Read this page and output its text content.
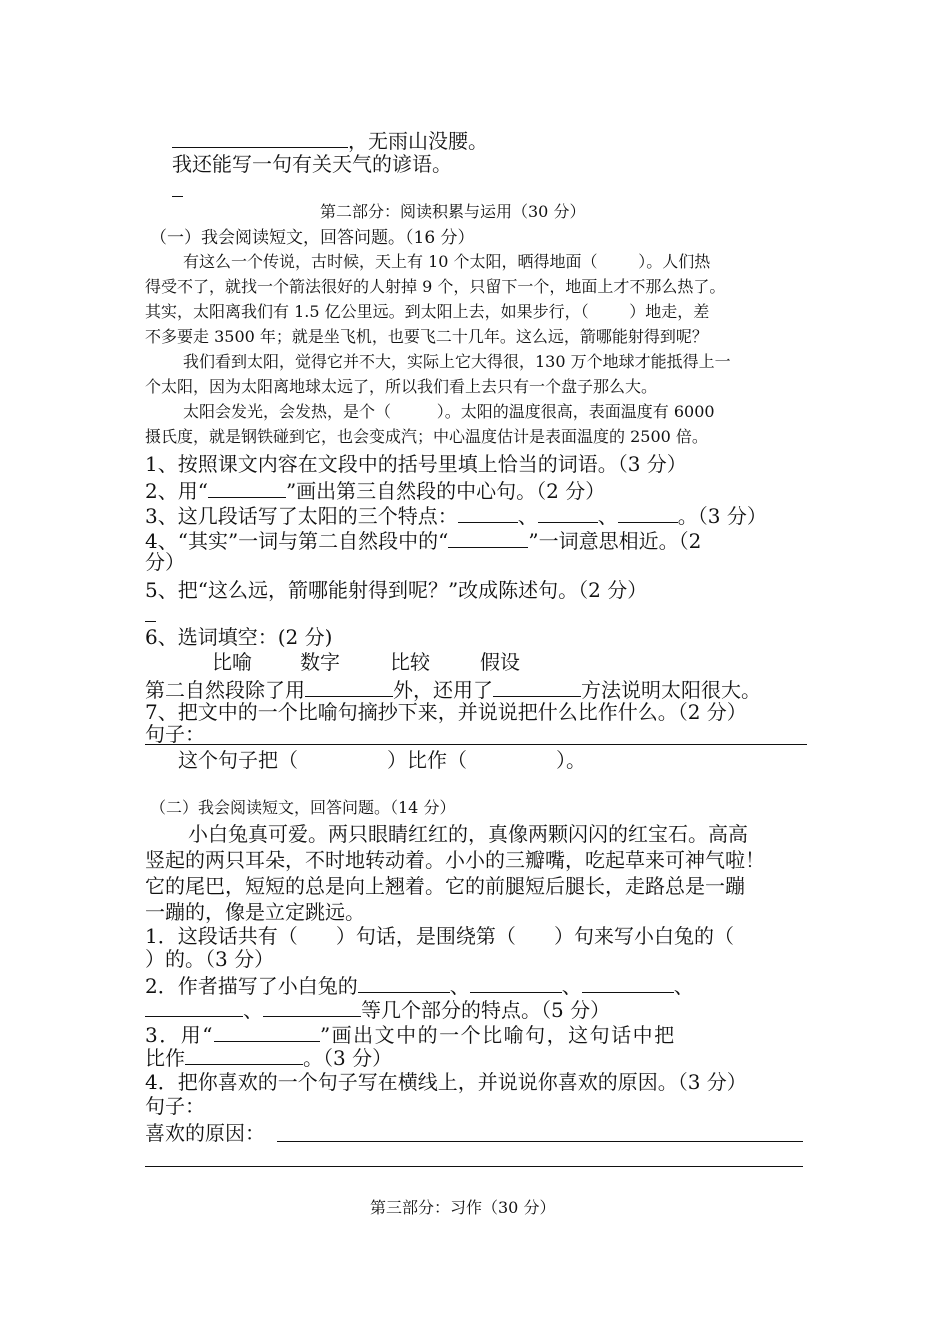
，无雨山没腰。
我还能写一句有关天气的谚语。
第二部分：阅读积累与运用（30 分）
（一）我会阅读短文，回答问题。（16 分）
有这么一个传说，古时候，天上有 10 个太阳，晒得地面（        ）。人们热
得受不了，就找一个箭法很好的人射掉 9 个，只留下一个，地面上才不那么热了。
其实，太阳离我们有 1.5 亿公里远。到太阳上去，如果步行，（        ）地走，差
不多要走 3500 年；就是坐飞机，也要飞二十几年。这么远，箭哪能射得到呢？
我们看到太阳，觉得它并不大，实际上它大得很，130 万个地球才能抵得上一
个太阳，因为太阳离地球太远了，所以我们看上去只有一个盘子那么大。
太阳会发光，会发热，是个（         ）。太阳的温度很高，表面温度有 6000
摄氏度，就是钢铁碰到它，也会变成汽；中心温度估计是表面温度的 2500 倍。
1、按照课文内容在文段中的括号里填上恰当的词语。（3 分）
2、用“	”画出第三自然段的中心句。（2 分）
3、这几段话写了太阳的三个特点：	、	、	。（3 分）
4、“其实”一词与第二自然段中的“	”一词意思相近。（2
分）
5、把“这么远，箭哪能射得到呢？”改成陈述句。（2 分）
6、选词填空：(2 分)
比喻 数字	比较	假设
第二自然段除了用	外，还用了	方法说明太阳很大。
7、把文中的一个比喻句摘抄下来，并说说把什么比作什么。（2 分）
句子：
这个句子把（              ）比作（              ）。
（二）我会阅读短文，回答问题。（14 分）
小白兔真可爱。两只眼睛红红的，真像两颗闪闪的红宝石。高高
竖起的两只耳朵，不时地转动着。小小的三瓣嘴，吃起草来可神气啦！
它的尾巴，短短的总是向上翘着。它的前腿短后腿长，走路总是一蹦
一蹦的，像是立定跳远。
1．这段话共有（      ）句话，是围绕第（      ）句来写小白兔的（
）的。（3 分）
2．作者描写了小白兔的	、	、	、
、	等几个部分的特点。（5 分）
3．用“	”画出文中的一个比喻句，这句话中把
比作	。（3 分）
4．把你喜欢的一个句子写在横线上，并说说你喜欢的原因。（3 分）
句子：
喜欢的原因：
第三部分：习作（30 分）
